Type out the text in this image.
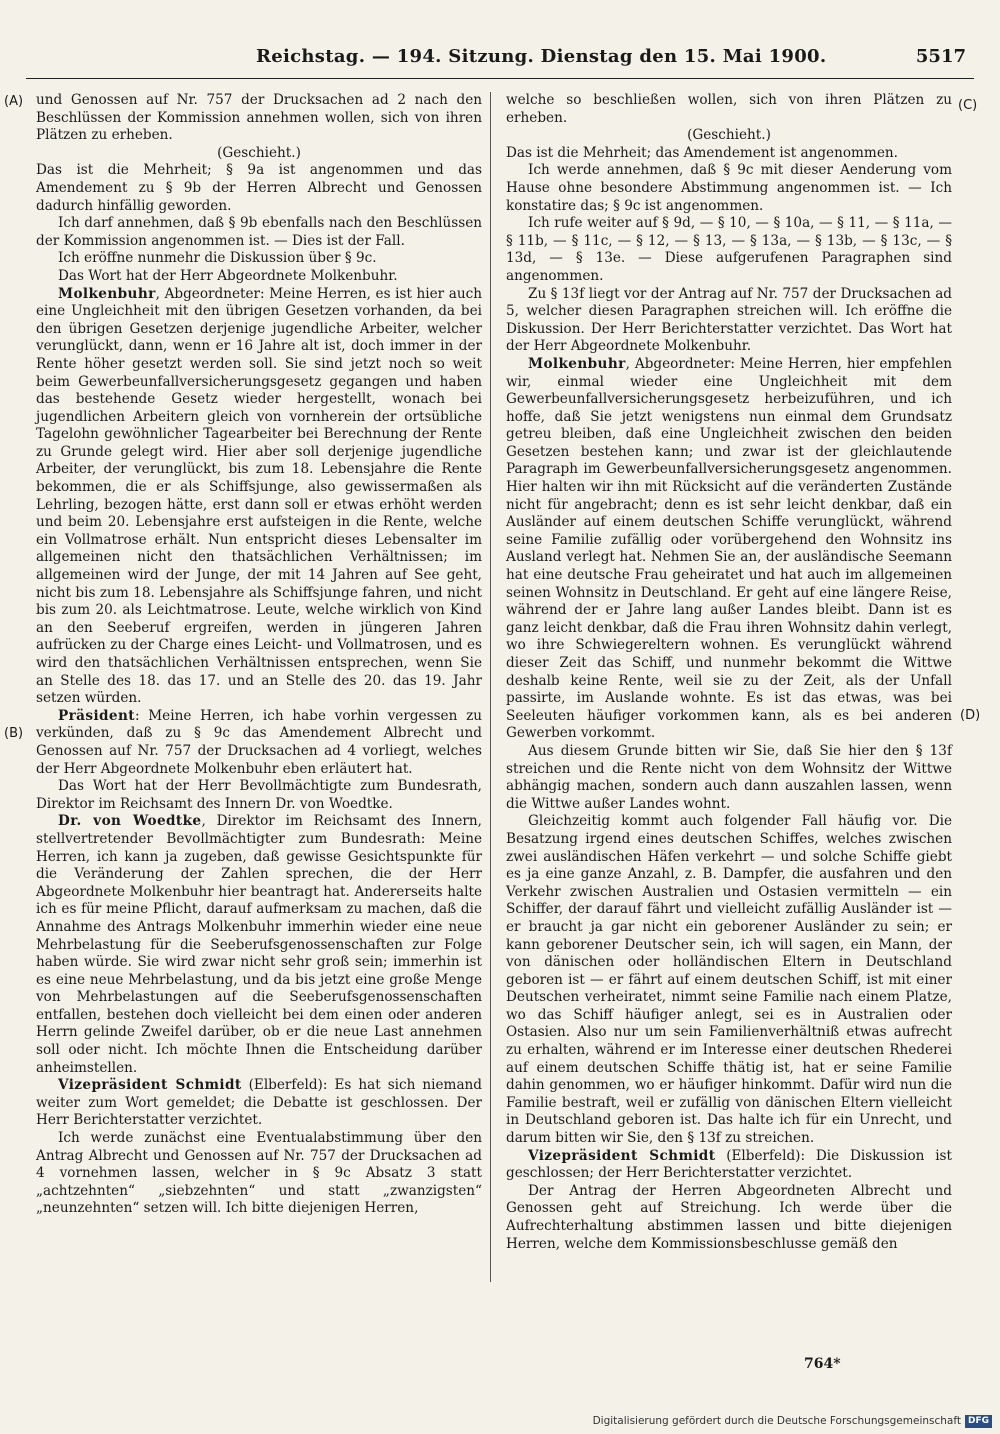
Reichstag. — 194. Sitzung. Dienstag den 15. Mai 1900.	5517
(A)
(B)
(C)
(D)

und Genossen auf Nr. 757 der Drucksachen ad 2 nach den Beschlüssen der Kommission annehmen wollen, sich von ihren Plätzen zu erheben.

(Geschieht.)

Das ist die Mehrheit; § 9a ist angenommen und das Amendement zu § 9b der Herren Albrecht und Genossen dadurch hinfällig geworden.

Ich darf annehmen, daß § 9b ebenfalls nach den Beschlüssen der Kommission angenommen ist. — Dies ist der Fall.

Ich eröffne nunmehr die Diskussion über § 9c.

Das Wort hat der Herr Abgeordnete Molkenbuhr.

Molkenbuhr, Abgeordneter: Meine Herren, es ist hier auch eine Ungleichheit mit den übrigen Gesetzen vorhanden, da bei den übrigen Gesetzen derjenige jugendliche Arbeiter, welcher verunglückt, dann, wenn er 16 Jahre alt ist, doch immer in der Rente höher gesetzt werden soll. Sie sind jetzt noch so weit beim Gewerbeunfallversicherungsgesetz gegangen und haben das bestehende Gesetz wieder hergestellt, wonach bei jugendlichen Arbeitern gleich von vornherein der ortsübliche Tagelohn gewöhnlicher Tagearbeiter bei Berechnung der Rente zu Grunde gelegt wird. Hier aber soll derjenige jugendliche Arbeiter, der verunglückt, bis zum 18. Lebensjahre die Rente bekommen, die er als Schiffsjunge, also gewissermaßen als Lehrling, bezogen hätte, erst dann soll er etwas erhöht werden und beim 20. Lebensjahre erst aufsteigen in die Rente, welche ein Vollmatrose erhält. Nun entspricht dieses Lebensalter im allgemeinen nicht den thatsächlichen Verhältnissen; im allgemeinen wird der Junge, der mit 14 Jahren auf See geht, nicht bis zum 18. Lebensjahre als Schiffsjunge fahren, und nicht bis zum 20. als Leichtmatrose. Leute, welche wirklich von Kind an den Seeberuf ergreifen, werden in jüngeren Jahren aufrücken zu der Charge eines Leicht- und Vollmatrosen, und es wird den thatsächlichen Verhältnissen entsprechen, wenn Sie an Stelle des 18. das 17. und an Stelle des 20. das 19. Jahr setzen würden.

Präsident: Meine Herren, ich habe vorhin vergessen zu verkünden, daß zu § 9c das Amendement Albrecht und Genossen auf Nr. 757 der Drucksachen ad 4 vorliegt, welches der Herr Abgeordnete Molkenbuhr eben erläutert hat.

Das Wort hat der Herr Bevollmächtigte zum Bundesrath, Direktor im Reichsamt des Innern Dr. von Woedtke.

Dr. von Woedtke, Direktor im Reichsamt des Innern, stellvertretender Bevollmächtigter zum Bundesrath: Meine Herren, ich kann ja zugeben, daß gewisse Gesichtspunkte für die Veränderung der Zahlen sprechen, die der Herr Abgeordnete Molkenbuhr hier beantragt hat. Andererseits halte ich es für meine Pflicht, darauf aufmerksam zu machen, daß die Annahme des Antrags Molkenbuhr immerhin wieder eine neue Mehrbelastung für die Seeberufsgenossenschaften zur Folge haben würde. Sie wird zwar nicht sehr groß sein; immerhin ist es eine neue Mehrbelastung, und da bis jetzt eine große Menge von Mehrbelastungen auf die Seeberufsgenossenschaften entfallen, bestehen doch vielleicht bei dem einen oder anderen Herrn gelinde Zweifel darüber, ob er die neue Last annehmen soll oder nicht. Ich möchte Ihnen die Entscheidung darüber anheimstellen.

Vizepräsident Schmidt (Elberfeld): Es hat sich niemand weiter zum Wort gemeldet; die Debatte ist geschlossen. Der Herr Berichterstatter verzichtet.

Ich werde zunächst eine Eventualabstimmung über den Antrag Albrecht und Genossen auf Nr. 757 der Drucksachen ad 4 vornehmen lassen, welcher in § 9c Absatz 3 statt „achtzehnten“ „siebzehnten“ und statt „zwanzigsten“ „neunzehnten“ setzen will. Ich bitte diejenigen Herren,

welche so beschließen wollen, sich von ihren Plätzen zu erheben.

(Geschieht.)

Das ist die Mehrheit; das Amendement ist angenommen.

Ich werde annehmen, daß § 9c mit dieser Aenderung vom Hause ohne besondere Abstimmung angenommen ist. — Ich konstatire das; § 9c ist angenommen.

Ich rufe weiter auf § 9d, — § 10, — § 10a, — § 11, — § 11a, — § 11b, — § 11c, — § 12, — § 13, — § 13a, — § 13b, — § 13c, — § 13d, — § 13e. — Diese aufgerufenen Paragraphen sind angenommen.

Zu § 13f liegt vor der Antrag auf Nr. 757 der Drucksachen ad 5, welcher diesen Paragraphen streichen will. Ich eröffne die Diskussion. Der Herr Berichterstatter verzichtet. Das Wort hat der Herr Abgeordnete Molkenbuhr.

Molkenbuhr, Abgeordneter: Meine Herren, hier empfehlen wir, einmal wieder eine Ungleichheit mit dem Gewerbeunfallversicherungsgesetz herbeizuführen, und ich hoffe, daß Sie jetzt wenigstens nun einmal dem Grundsatz getreu bleiben, daß eine Ungleichheit zwischen den beiden Gesetzen bestehen kann; und zwar ist der gleichlautende Paragraph im Gewerbeunfallversicherungsgesetz angenommen. Hier halten wir ihn mit Rücksicht auf die veränderten Zustände nicht für angebracht; denn es ist sehr leicht denkbar, daß ein Ausländer auf einem deutschen Schiffe verunglückt, während seine Familie zufällig oder vorübergehend den Wohnsitz ins Ausland verlegt hat. Nehmen Sie an, der ausländische Seemann hat eine deutsche Frau geheiratet und hat auch im allgemeinen seinen Wohnsitz in Deutschland. Er geht auf eine längere Reise, während der er Jahre lang außer Landes bleibt. Dann ist es ganz leicht denkbar, daß die Frau ihren Wohnsitz dahin verlegt, wo ihre Schwiegereltern wohnen. Es verunglückt während dieser Zeit das Schiff, und nunmehr bekommt die Wittwe deshalb keine Rente, weil sie zu der Zeit, als der Unfall passirte, im Auslande wohnte. Es ist das etwas, was bei Seeleuten häufiger vorkommen kann, als es bei anderen Gewerben vorkommt.

Aus diesem Grunde bitten wir Sie, daß Sie hier den § 13f streichen und die Rente nicht von dem Wohnsitz der Wittwe abhängig machen, sondern auch dann auszahlen lassen, wenn die Wittwe außer Landes wohnt.

Gleichzeitig kommt auch folgender Fall häufig vor. Die Besatzung irgend eines deutschen Schiffes, welches zwischen zwei ausländischen Häfen verkehrt — und solche Schiffe giebt es ja eine ganze Anzahl, z. B. Dampfer, die ausfahren und den Verkehr zwischen Australien und Ostasien vermitteln — ein Schiffer, der darauf fährt und vielleicht zufällig Ausländer ist — er braucht ja gar nicht ein geborener Ausländer zu sein; er kann geborener Deutscher sein, ich will sagen, ein Mann, der von dänischen oder holländischen Eltern in Deutschland geboren ist — er fährt auf einem deutschen Schiff, ist mit einer Deutschen verheiratet, nimmt seine Familie nach einem Platze, wo das Schiff häufiger anlegt, sei es in Australien oder Ostasien. Also nur um sein Familienverhältniß etwas aufrecht zu erhalten, während er im Interesse einer deutschen Rhederei auf einem deutschen Schiffe thätig ist, hat er seine Familie dahin genommen, wo er häufiger hinkommt. Dafür wird nun die Familie bestraft, weil er zufällig von dänischen Eltern vielleicht in Deutschland geboren ist. Das halte ich für ein Unrecht, und darum bitten wir Sie, den § 13f zu streichen.

Vizepräsident Schmidt (Elberfeld): Die Diskussion ist geschlossen; der Herr Berichterstatter verzichtet.

Der Antrag der Herren Abgeordneten Albrecht und Genossen geht auf Streichung. Ich werde über die Aufrechterhaltung abstimmen lassen und bitte diejenigen Herren, welche dem Kommissionsbeschlusse gemäß den

764*
Digitalisierung gefördert durch die Deutsche Forschungsgemeinschaft DFG
